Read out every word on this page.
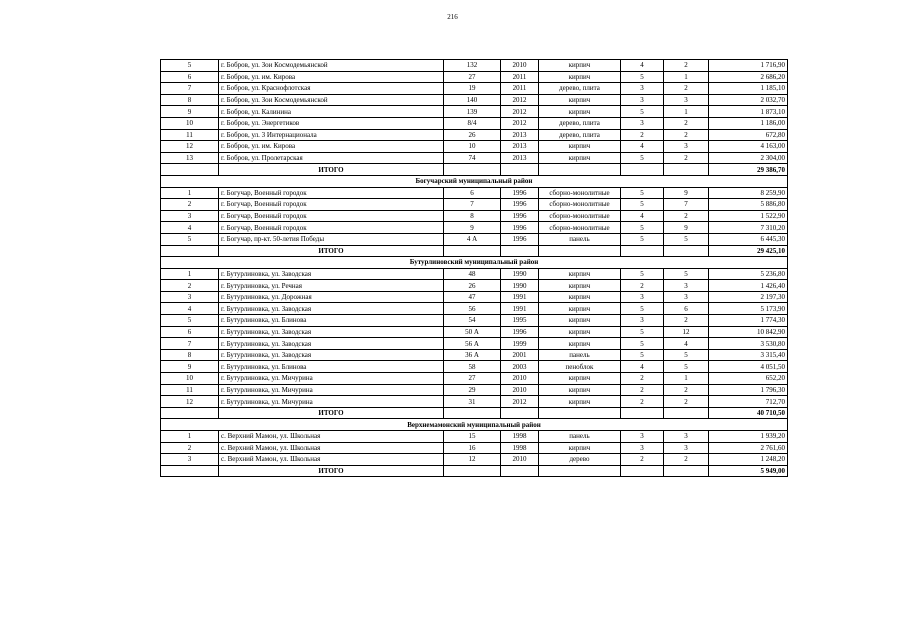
216
5	г. Бобров, ул. Зои Космодемьянской	132	2010	кирпич	4	2	1 716,90
6	г. Бобров, ул. им. Кирова	27	2011	кирпич	5	1	2 686,20
7	г. Бобров, ул. Краснофлотская	19	2011	дерево, плита	3	2	1 185,10
8	г. Бобров, ул. Зои Космодемьянской	140	2012	кирпич	3	3	2 032,70
9	г. Бобров, ул. Калинина	139	2012	кирпич	5	1	1 873,10
10	г. Бобров, ул. Энергетиков	8/4	2012	дерево, плита	3	2	1 186,00
11	г. Бобров, ул. 3 Интернационала	26	2013	дерево, плита	2	2	672,80
12	г. Бобров, ул. им. Кирова	10	2013	кирпич	4	3	4 163,00
13	г. Бобров, ул. Пролетарская	74	2013	кирпич	5	2	2 304,00
	ИТОГО						29 386,70
Богучарский муниципальный район							
1	г. Богучар, Военный городок	6	1996	сборно-монолитные	5	9	8 259,90
2	г. Богучар, Военный городок	7	1996	сборно-монолитные	5	7	5 886,80
3	г. Богучар, Военный городок	8	1996	сборно-монолитные	4	2	1 522,90
4	г. Богучар, Военный городок	9	1996	сборно-монолитные	5	9	7 310,20
5	г. Богучар, пр-кт. 50-летия Победы	4 А	1996	панель	5	5	6 445,30
	ИТОГО						29 425,10
Бутурлиновский муниципальный район							
1	г. Бутурлиновка, ул. Заводская	48	1990	кирпич	5	5	5 236,80
2	г. Бутурлиновка, ул. Речная	26	1990	кирпич	2	3	1 426,40
3	г. Бутурлиновка, ул. Дорожная	47	1991	кирпич	3	3	2 197,30
4	г. Бутурлиновка, ул. Заводская	56	1991	кирпич	5	6	5 173,90
5	г. Бутурлиновка, ул. Блинова	54	1995	кирпич	3	2	1 774,30
6	г. Бутурлиновка, ул. Заводская	50 А	1996	кирпич	5	12	10 842,90
7	г. Бутурлиновка, ул. Заводская	56 А	1999	кирпич	5	4	3 530,80
8	г. Бутурлиновка, ул. Заводская	36 А	2001	панель	5	5	3 315,40
9	г. Бутурлиновка, ул. Блинова	58	2003	пеноблок	4	5	4 051,50
10	г. Бутурлиновка, ул. Мичурина	27	2010	кирпич	2	1	652,20
11	г. Бутурлиновка, ул. Мичурина	29	2010	кирпич	2	2	1 796,30
12	г. Бутурлиновка, ул. Мичурина	31	2012	кирпич	2	2	712,70
	ИТОГО						40 710,50
Верхнемамонский муниципальный район							
1	с. Верхний Мамон, ул. Школьная	15	1998	панель	3	3	1 939,20
2	с. Верхний Мамон, ул. Школьная	16	1998	кирпич	3	3	2 761,60
3	с. Верхний Мамон, ул. Школьная	12	2010	дерево	2	2	1 248,20
	ИТОГО						5 949,00
